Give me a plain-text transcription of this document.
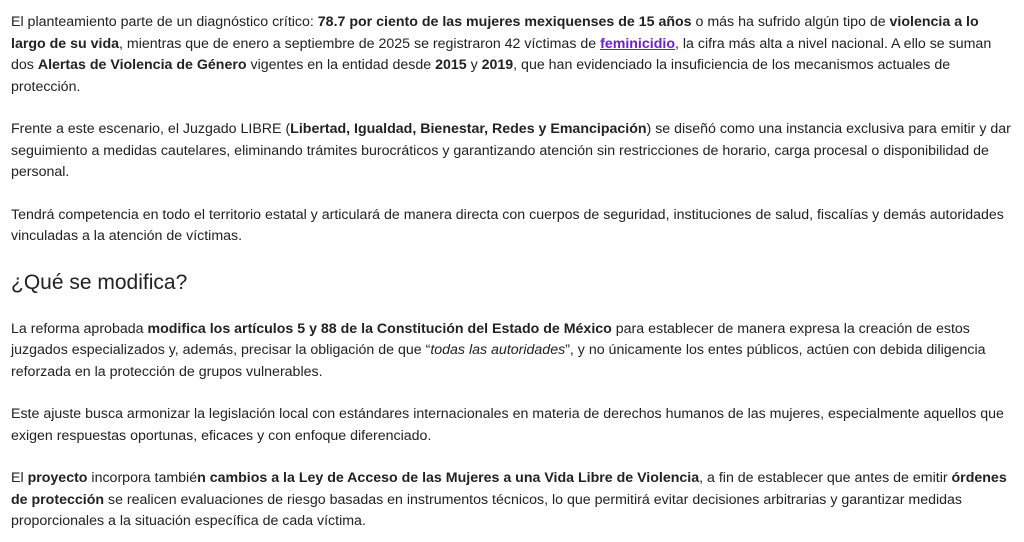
El planteamiento parte de un diagnóstico crítico: 78.7 por ciento de las mujeres mexiquenses de 15 años o más ha sufrido algún tipo de violencia a lo largo de su vida, mientras que de enero a septiembre de 2025 se registraron 42 víctimas de feminicidio, la cifra más alta a nivel nacional. A ello se suman dos Alertas de Violencia de Género vigentes en la entidad desde 2015 y 2019, que han evidenciado la insuficiencia de los mecanismos actuales de protección.

Frente a este escenario, el Juzgado LIBRE (Libertad, Igualdad, Bienestar, Redes y Emancipación) se diseñó como una instancia exclusiva para emitir y dar seguimiento a medidas cautelares, eliminando trámites burocráticos y garantizando atención sin restricciones de horario, carga procesal o disponibilidad de personal.

Tendrá competencia en todo el territorio estatal y articulará de manera directa con cuerpos de seguridad, instituciones de salud, fiscalías y demás autoridades vinculadas a la atención de víctimas.

¿Qué se modifica?

La reforma aprobada modifica los artículos 5 y 88 de la Constitución del Estado de México para establecer de manera expresa la creación de estos juzgados especializados y, además, precisar la obligación de que “todas las autoridades”, y no únicamente los entes públicos, actúen con debida diligencia reforzada en la protección de grupos vulnerables.

Este ajuste busca armonizar la legislación local con estándares internacionales en materia de derechos humanos de las mujeres, especialmente aquellos que exigen respuestas oportunas, eficaces y con enfoque diferenciado.

El proyecto incorpora también cambios a la Ley de Acceso de las Mujeres a una Vida Libre de Violencia, a fin de establecer que antes de emitir órdenes de protección se realicen evaluaciones de riesgo basadas en instrumentos técnicos, lo que permitirá evitar decisiones arbitrarias y garantizar medidas proporcionales a la situación específica de cada víctima.
